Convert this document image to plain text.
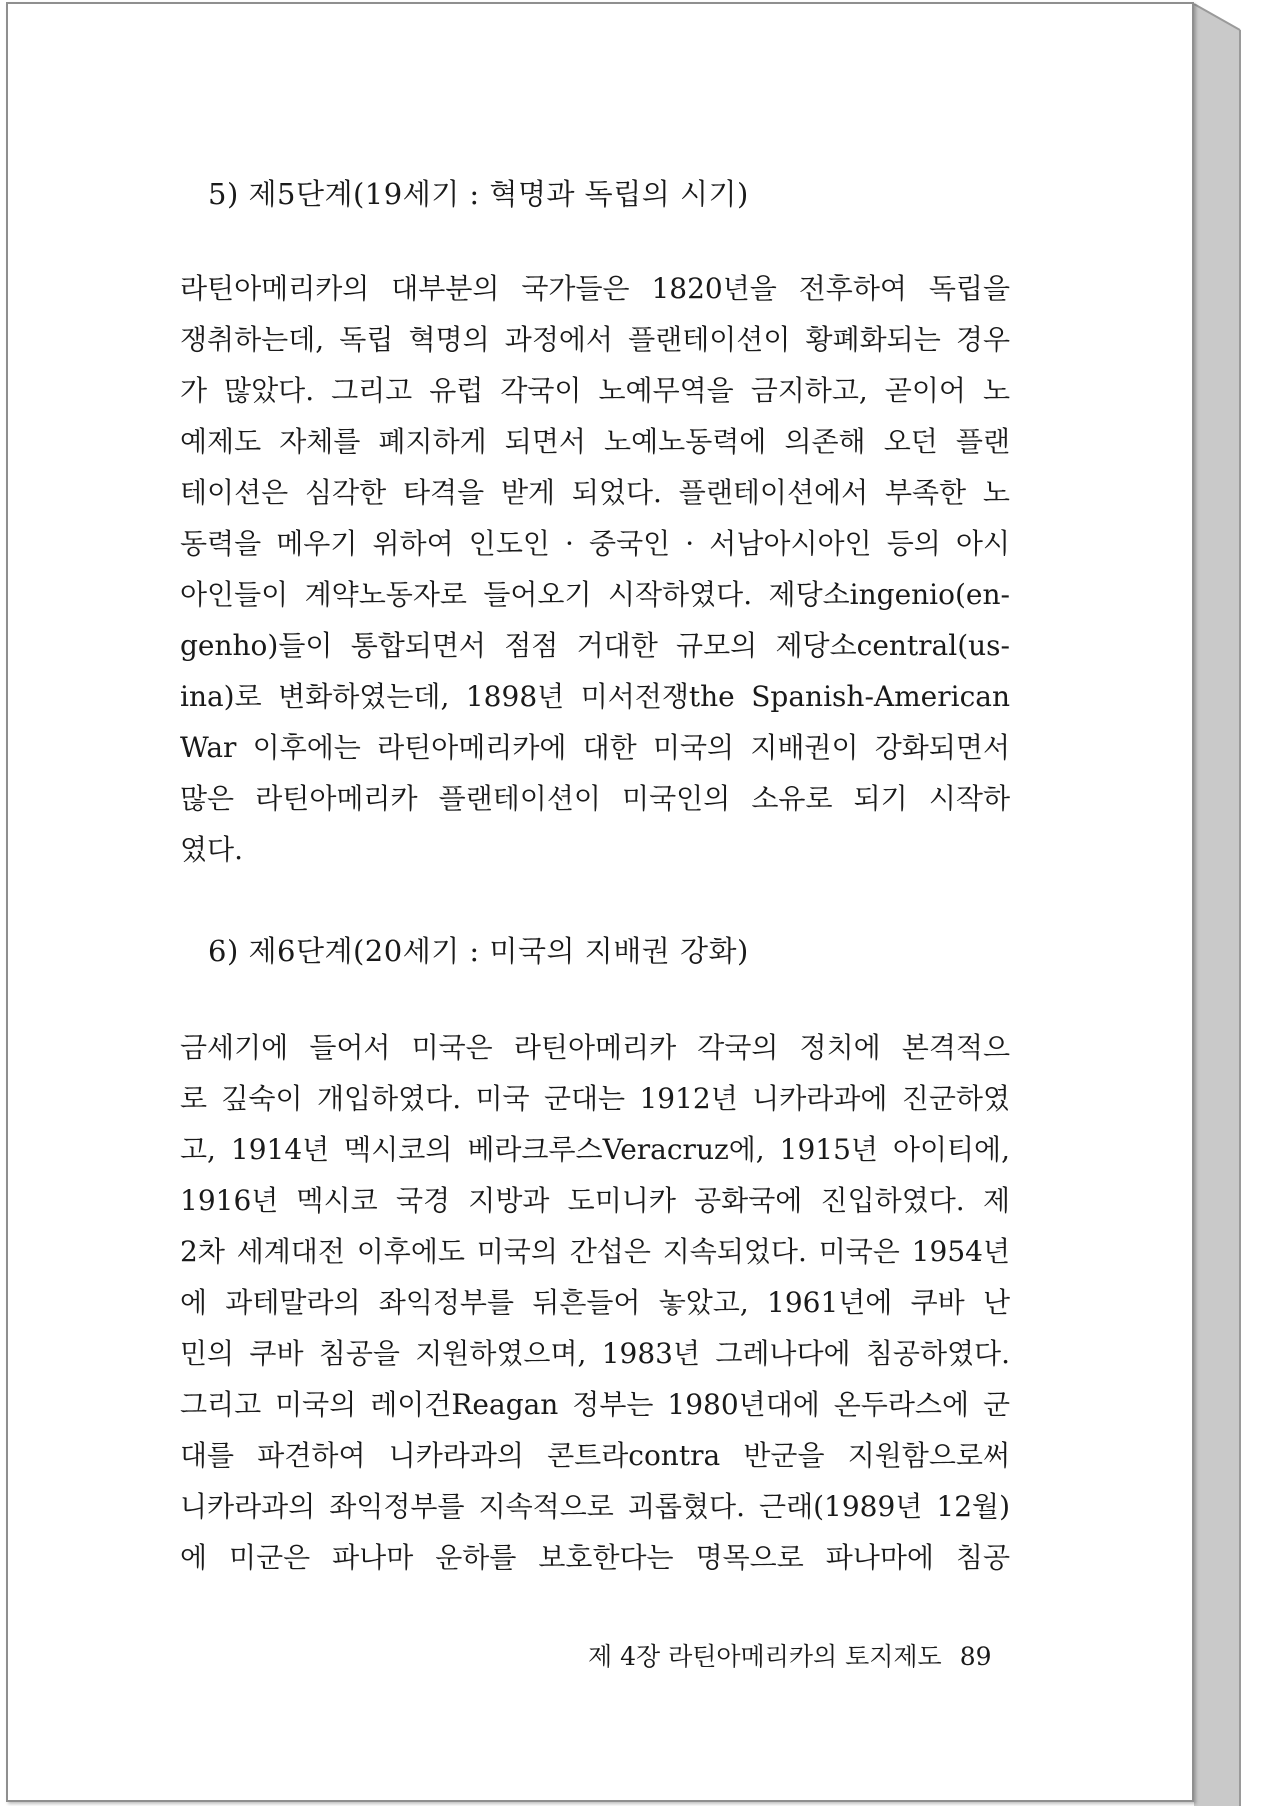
5) 제5단계(19세기 : 혁명과 독립의 시기)
라틴아메리카의 대부분의 국가들은 1820년을 전후하여 독립을
쟁취하는데, 독립 혁명의 과정에서 플랜테이션이 황폐화되는 경우
가 많았다. 그리고 유럽 각국이 노예무역을 금지하고, 곧이어 노
예제도 자체를 폐지하게 되면서 노예노동력에 의존해 오던 플랜
테이션은 심각한 타격을 받게 되었다. 플랜테이션에서 부족한 노
동력을 메우기 위하여 인도인 · 중국인 · 서남아시아인 등의 아시
아인들이 계약노동자로 들어오기 시작하였다. 제당소ingenio(en-
genho)들이 통합되면서 점점 거대한 규모의 제당소central(us-
ina)로 변화하였는데, 1898년 미서전쟁the Spanish-American
War 이후에는 라틴아메리카에 대한 미국의 지배권이 강화되면서
많은 라틴아메리카 플랜테이션이 미국인의 소유로 되기 시작하
였다.
6) 제6단계(20세기 : 미국의 지배권 강화)
금세기에 들어서 미국은 라틴아메리카 각국의 정치에 본격적으
로 깊숙이 개입하였다. 미국 군대는 1912년 니카라과에 진군하였
고, 1914년 멕시코의 베라크루스Veracruz에, 1915년 아이티에,
1916년 멕시코 국경 지방과 도미니카 공화국에 진입하였다. 제
2차 세계대전 이후에도 미국의 간섭은 지속되었다. 미국은 1954년
에 과테말라의 좌익정부를 뒤흔들어 놓았고, 1961년에 쿠바 난
민의 쿠바 침공을 지원하였으며, 1983년 그레나다에 침공하였다.
그리고 미국의 레이건Reagan 정부는 1980년대에 온두라스에 군
대를 파견하여 니카라과의 콘트라contra 반군을 지원함으로써
니카라과의 좌익정부를 지속적으로 괴롭혔다. 근래(1989년 12월)
에 미군은 파나마 운하를 보호한다는 명목으로 파나마에 침공
제 4장 라틴아메리카의 토지제도 89
